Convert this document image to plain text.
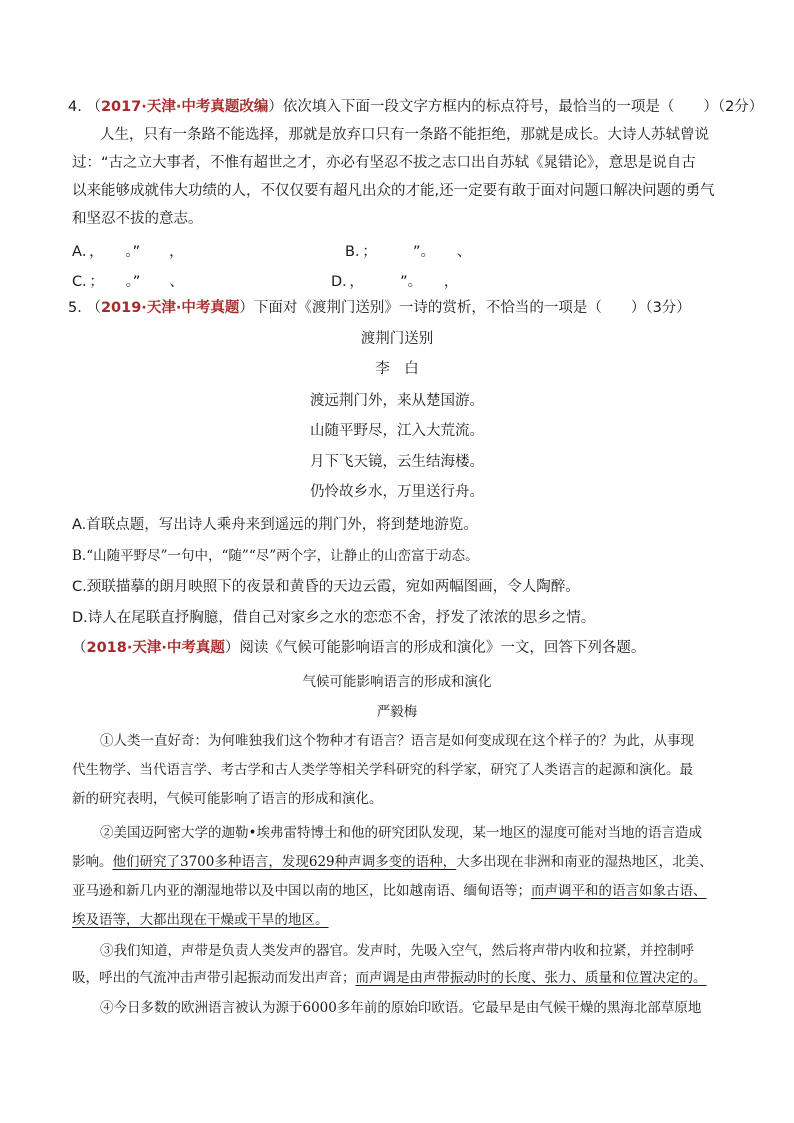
4. （2017·天津·中考真题改编）依次填入下面一段文字方框内的标点符号，最恰当的一项是（　　）（2分）
人生，只有一条路不能选择，那就是放弃口只有一条路不能拒绝，那就是成长。大诗人苏轼曾说
过：“古之立大事者，不惟有超世之才，亦必有坚忍不拔之志口出自苏轼《晁错论》，意思是说自古
以来能够成就伟大功绩的人，不仅仅要有超凡出众的才能,还一定要有敢于面对问题口解决问题的勇气
和坚忍不拔的意志。
A．，　　。”　　，	B．；　　　”。　　、
C．；　　。”　　、	D．，　　　”。　　，
5. （2019·天津·中考真题）下面对《渡荆门送别》一诗的赏析，不恰当的一项是（　　）（3分）
渡荆门送别
李　白
渡远荆门外，来从楚国游。
山随平野尽，江入大荒流。
月下飞天镜，云生结海楼。
仍怜故乡水，万里送行舟。
A.首联点题，写出诗人乘舟来到遥远的荆门外，将到楚地游览。
B.“山随平野尽”一句中，“随”“尽”两个字，让静止的山峦富于动态。
C.颈联描摹的朗月映照下的夜景和黄昏的天边云霞，宛如两幅图画，令人陶醉。
D.诗人在尾联直抒胸臆，借自己对家乡之水的恋恋不舍，抒发了浓浓的思乡之情。
（2018·天津·中考真题）阅读《气候可能影响语言的形成和演化》一文，回答下列各题。
气候可能影响语言的形成和演化
严毅梅
①人类一直好奇：为何唯独我们这个物种才有语言？语言是如何变成现在这个样子的？为此，从事现
代生物学、当代语言学、考古学和古人类学等相关学科研究的科学家，研究了人类语言的起源和演化。最
新的研究表明，气候可能影响了语言的形成和演化。
②美国迈阿密大学的迦勒•埃弗雷特博士和他的研究团队发现，某一地区的湿度可能对当地的语言造成
影响。他们研究了3700多种语言，发现629种声调多变的语种，大多出现在非洲和南亚的湿热地区，北美、
亚马逊和新几内亚的潮湿地带以及中国以南的地区，比如越南语、缅甸语等；而声调平和的语言如象古语、
埃及语等，大都出现在干燥或干旱的地区。
③我们知道，声带是负责人类发声的器官。发声时，先吸入空气，然后将声带内收和拉紧，并控制呼
吸，呼出的气流冲击声带引起振动而发出声音；而声调是由声带振动时的长度、张力、质量和位置决定的。
④今日多数的欧洲语言被认为源于6000多年前的原始印欧语。它最早是由气候干燥的黑海北部草原地
